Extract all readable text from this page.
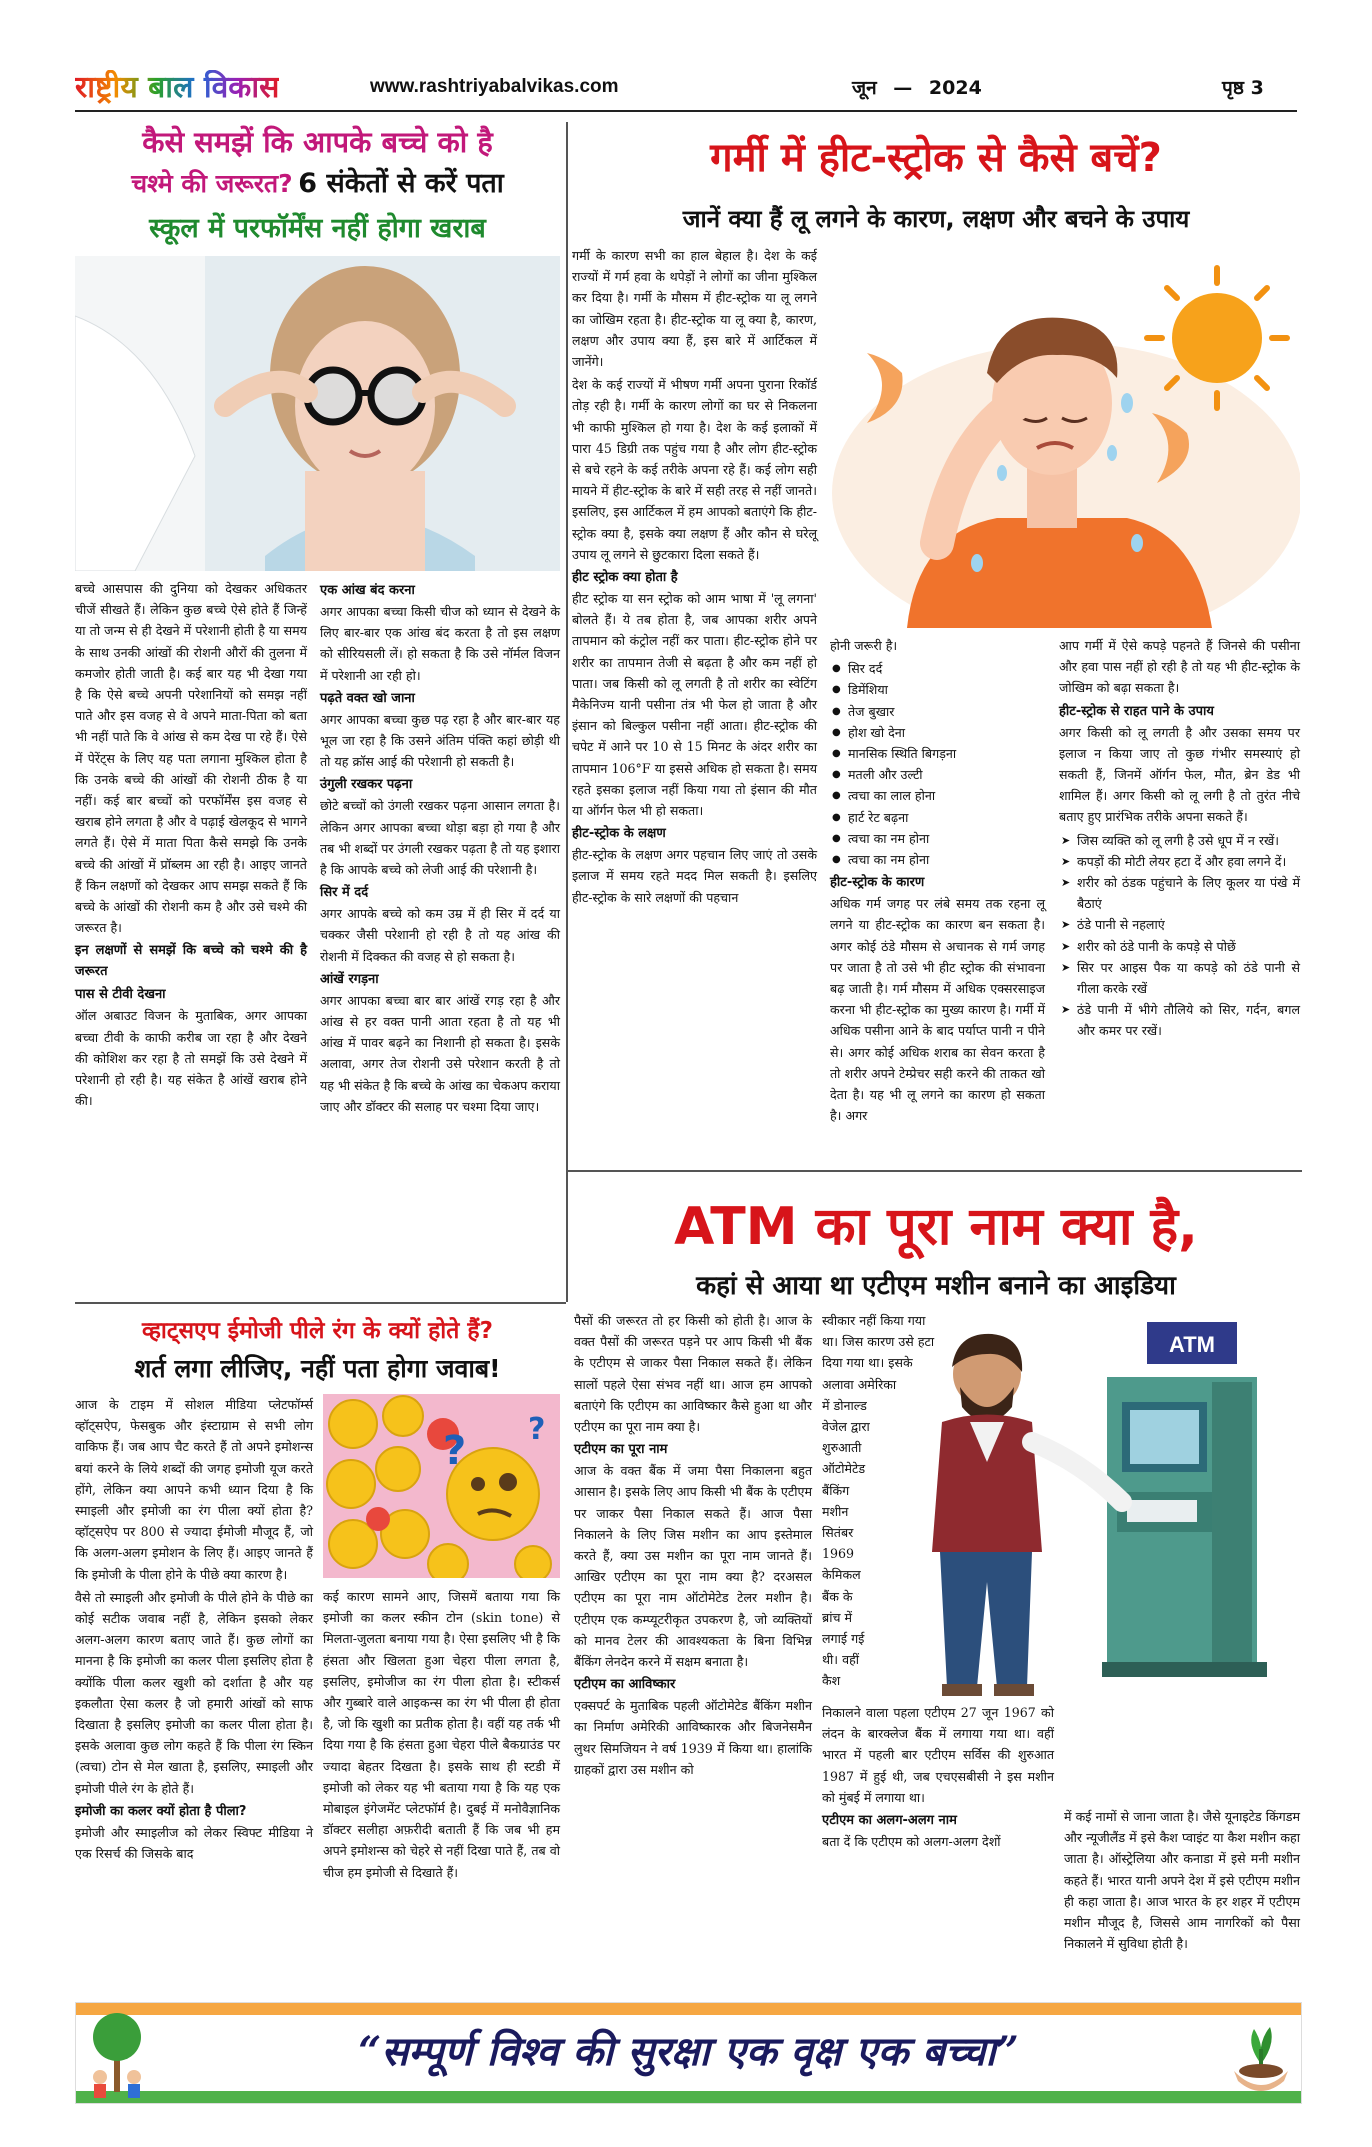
राष्ट्रीय बाल विकास	www.rashtriyabalvikas.com	जून — 2024	पृष्ठ 3
कैसे समझें कि आपके बच्चे को है
चश्मे की जरूरत? 6 संकेतों से करें पता
स्कूल में परफॉर्मेंस नहीं होगा खराब

बच्चे आसपास की दुनिया को देखकर अधिकतर चीजें सीखते हैं। लेकिन कुछ बच्चे ऐसे होते हैं जिन्हें या तो जन्म से ही देखने में परेशानी होती है या समय के साथ उनकी आंखों की रोशनी औरों की तुलना में कमजोर होती जाती है। कई बार यह भी देखा गया है कि ऐसे बच्चे अपनी परेशानियों को समझ नहीं पाते और इस वजह से वे अपने माता-पिता को बता भी नहीं पाते कि वे आंख से कम देख पा रहे हैं। ऐसे में पेरेंट्स के लिए यह पता लगाना मुश्किल होता है कि उनके बच्चे की आंखों की रोशनी ठीक है या नहीं। कई बार बच्चों को परफॉर्मेंस इस वजह से खराब होने लगता है और वे पढ़ाई खेलकूद से भागने लगते हैं। ऐसे में माता पिता कैसे समझे कि उनके बच्चे की आंखों में प्रॉब्लम आ रही है। आइए जानते हैं किन लक्षणों को देखकर आप समझ सकते हैं कि बच्चे के आंखों की रोशनी कम है और उसे चश्मे की जरूरत है।

इन लक्षणों से समझें कि बच्चे को चश्मे की है जरूरत
पास से टीवी देखना

ऑल अबाउट विजन के मुताबिक, अगर आपका बच्चा टीवी के काफी करीब जा रहा है और देखने की कोशिश कर रहा है तो समझें कि उसे देखने में परेशानी हो रही है। यह संकेत है आंखें खराब होने की।

एक आंख बंद करना

अगर आपका बच्चा किसी चीज को ध्यान से देखने के लिए बार-बार एक आंख बंद करता है तो इस लक्षण को सीरियसली लें। हो सकता है कि उसे नॉर्मल विजन में परेशानी आ रही हो।

पढ़ते वक्त खो जाना

अगर आपका बच्चा कुछ पढ़ रहा है और बार-बार यह भूल जा रहा है कि उसने अंतिम पंक्ति कहां छोड़ी थी तो यह क्रॉस आई की परेशानी हो सकती है।

उंगुली रखकर पढ़ना

छोटे बच्चों को उंगली रखकर पढ़ना आसान लगता है। लेकिन अगर आपका बच्चा थोड़ा बड़ा हो गया है और तब भी शब्दों पर उंगली रखकर पढ़ता है तो यह इशारा है कि आपके बच्चे को लेजी आई की परेशानी है।

सिर में दर्द

अगर आपके बच्चे को कम उम्र में ही सिर में दर्द या चक्कर जैसी परेशानी हो रही है तो यह आंख की रोशनी में दिक्कत की वजह से हो सकता है।

आंखें रगड़ना

अगर आपका बच्चा बार बार आंखें रगड़ रहा है और आंख से हर वक्त पानी आता रहता है तो यह भी आंख में पावर बढ़ने का निशानी हो सकता है। इसके अलावा, अगर तेज रोशनी उसे परेशान करती है तो यह भी संकेत है कि बच्चे के आंख का चेकअप कराया जाए और डॉक्टर की सलाह पर चश्मा दिया जाए।

गर्मी में हीट-स्ट्रोक से कैसे बचें?
जानें क्या हैं लू लगने के कारण, लक्षण और बचने के उपाय

गर्मी के कारण सभी का हाल बेहाल है। देश के कई राज्यों में गर्म हवा के थपेड़ों ने लोगों का जीना मुश्किल कर दिया है। गर्मी के मौसम में हीट-स्ट्रोक या लू लगने का जोखिम रहता है। हीट-स्ट्रोक या लू क्या है, कारण, लक्षण और उपाय क्या हैं, इस बारे में आर्टिकल में जानेंगे।

देश के कई राज्यों में भीषण गर्मी अपना पुराना रिकॉर्ड तोड़ रही है। गर्मी के कारण लोगों का घर से निकलना भी काफी मुश्किल हो गया है। देश के कई इलाकों में पारा 45 डिग्री तक पहुंच गया है और लोग हीट-स्ट्रोक से बचे रहने के कई तरीके अपना रहे हैं। कई लोग सही मायने में हीट-स्ट्रोक के बारे में सही तरह से नहीं जानते। इसलिए, इस आर्टिकल में हम आपको बताएंगे कि हीट-स्ट्रोक क्या है, इसके क्या लक्षण हैं और कौन से घरेलू उपाय लू लगने से छुटकारा दिला सकते हैं।

हीट स्ट्रोक क्या होता है

हीट स्ट्रोक या सन स्ट्रोक को आम भाषा में 'लू लगना' बोलते हैं। ये तब होता है, जब आपका शरीर अपने तापमान को कंट्रोल नहीं कर पाता। हीट-स्ट्रोक होने पर शरीर का तापमान तेजी से बढ़ता है और कम नहीं हो पाता। जब किसी को लू लगती है तो शरीर का स्वेटिंग मैकेनिज्म यानी पसीना तंत्र भी फेल हो जाता है और इंसान को बिल्कुल पसीना नहीं आता। हीट-स्ट्रोक की चपेट में आने पर 10 से 15 मिनट के अंदर शरीर का तापमान 106°F या इससे अधिक हो सकता है। समय रहते इसका इलाज नहीं किया गया तो इंसान की मौत या ऑर्गन फेल भी हो सकता।

हीट-स्ट्रोक के लक्षण

हीट-स्ट्रोक के लक्षण अगर पहचान लिए जाएं तो उसके इलाज में समय रहते मदद मिल सकती है। इसलिए हीट-स्ट्रोक के सारे लक्षणों की पहचान

होनी जरूरी है।

● सिर दर्द
● डिमेंशिया
● तेज बुखार
● होश खो देना
● मानसिक स्थिति बिगड़ना
● मतली और उल्टी
● त्वचा का लाल होना
● हार्ट रेट बढ़ना
● त्वचा का नम होना
● त्वचा का नम होना
हीट-स्ट्रोक के कारण

अधिक गर्म जगह पर लंबे समय तक रहना लू लगने या हीट-स्ट्रोक का कारण बन सकता है। अगर कोई ठंडे मौसम से अचानक से गर्म जगह पर जाता है तो उसे भी हीट स्ट्रोक की संभावना बढ़ जाती है। गर्म मौसम में अधिक एक्सरसाइज करना भी हीट-स्ट्रोक का मुख्य कारण है। गर्मी में अधिक पसीना आने के बाद पर्याप्त पानी न पीने से। अगर कोई अधिक शराब का सेवन करता है तो शरीर अपने टेम्प्रेचर सही करने की ताकत खो देता है। यह भी लू लगने का कारण हो सकता है। अगर

आप गर्मी में ऐसे कपड़े पहनते हैं जिनसे की पसीना और हवा पास नहीं हो रही है तो यह भी हीट-स्ट्रोक के जोखिम को बढ़ा सकता है।

हीट-स्ट्रोक से राहत पाने के उपाय

अगर किसी को लू लगती है और उसका समय पर इलाज न किया जाए तो कुछ गंभीर समस्याएं हो सकती हैं, जिनमें ऑर्गन फेल, मौत, ब्रेन डेड भी शामिल हैं। अगर किसी को लू लगी है तो तुरंत नीचे बताए हुए प्रारंभिक तरीके अपना सकते हैं।

➤ जिस व्यक्ति को लू लगी है उसे धूप में न रखें।
➤ कपड़ों की मोटी लेयर हटा दें और हवा लगने दें।
➤ शरीर को ठंडक पहुंचाने के लिए कूलर या पंखे में बैठाएं
➤ ठंडे पानी से नहलाएं
➤ शरीर को ठंडे पानी के कपड़े से पोछें
➤ सिर पर आइस पैक या कपड़े को ठंडे पानी से गीला करके रखें
➤ ठंडे पानी में भीगे तौलिये को सिर, गर्दन, बगल और कमर पर रखें।
ATM का पूरा नाम क्या है,
कहां से आया था एटीएम मशीन बनाने का आइडिया

पैसों की जरूरत तो हर किसी को होती है। आज के वक्त पैसों की जरूरत पड़ने पर आप किसी भी बैंक के एटीएम से जाकर पैसा निकाल सकते हैं। लेकिन सालों पहले ऐसा संभव नहीं था। आज हम आपको बताएंगे कि एटीएम का आविष्कार कैसे हुआ था और एटीएम का पूरा नाम क्या है।

एटीएम का पूरा नाम

आज के वक्त बैंक में जमा पैसा निकालना बहुत आसान है। इसके लिए आप किसी भी बैंक के एटीएम पर जाकर पैसा निकाल सकते हैं। आज पैसा निकालने के लिए जिस मशीन का आप इस्तेमाल करते हैं, क्या उस मशीन का पूरा नाम जानते हैं। आखिर एटीएम का पूरा नाम क्या है? दरअसल एटीएम का पूरा नाम ऑटोमेटेड टेलर मशीन है। एटीएम एक कम्प्यूटरीकृत उपकरण है, जो व्यक्तियों को मानव टेलर की आवश्यकता के बिना विभिन्न बैंकिंग लेनदेन करने में सक्षम बनाता है।

एटीएम का आविष्कार

एक्सपर्ट के मुताबिक पहली ऑटोमेटेड बैंकिंग मशीन का निर्माण अमेरिकी आविष्कारक और बिजनेसमैन लुथर सिमजियन ने वर्ष 1939 में किया था। हालांकि ग्राहकों द्वारा उस मशीन को

स्वीकार नहीं किया गया
था। जिस कारण उसे हटा
दिया गया था। इसके
अलावा अमेरिका
में डोनाल्ड
वेजेल द्वारा
शुरुआती
ऑटोमेटेड
बैंकिंग
मशीन
सितंबर
1969
केमिकल
बैंक के
ब्रांच में
लगाई गई
थी। वहीं
कैश

निकालने वाला पहला एटीएम 27 जून 1967 को लंदन के बारक्लेज बैंक में लगाया गया था। वहीं भारत में पहली बार एटीएम सर्विस की शुरुआत 1987 में हुई थी, जब एचएसबीसी ने इस मशीन को मुंबई में लगाया था।

एटीएम का अलग-अलग नाम

बता दें कि एटीएम को अलग-अलग देशों

ATM

में कई नामों से जाना जाता है। जैसे यूनाइटेड किंगडम और न्यूजीलैंड में इसे कैश प्वाइंट या कैश मशीन कहा जाता है। ऑस्ट्रेलिया और कनाडा में इसे मनी मशीन कहते हैं। भारत यानी अपने देश में इसे एटीएम मशीन ही कहा जाता है। आज भारत के हर शहर में एटीएम मशीन मौजूद है, जिससे आम नागरिकों को पैसा निकालने में सुविधा होती है।

व्हाट्सएप ईमोजी पीले रंग के क्यों होते हैं?
शर्त लगा लीजिए, नहीं पता होगा जवाब!
? ?

आज के टाइम में सोशल मीडिया प्लेटफॉर्म्स व्हॉट्सऐप, फेसबुक और इंस्टाग्राम से सभी लोग वाकिफ हैं। जब आप चैट करते हैं तो अपने इमोशन्स बयां करने के लिये शब्दों की जगह इमोजी यूज करते होंगे, लेकिन क्या आपने कभी ध्यान दिया है कि स्माइली और इमोजी का रंग पीला क्यों होता है? व्हॉट्सऐप पर 800 से ज्यादा ईमोजी मौजूद हैं, जो कि अलग-अलग इमोशन के लिए हैं। आइए जानते हैं कि इमोजी के पीला होने के पीछे क्या कारण है।

वैसे तो स्माइली और इमोजी के पीले होने के पीछे का कोई सटीक जवाब नहीं है, लेकिन इसको लेकर अलग-अलग कारण बताए जाते हैं। कुछ लोगों का मानना है कि इमोजी का कलर पीला इसलिए होता है क्योंकि पीला कलर खुशी को दर्शाता है और यह इकलौता ऐसा कलर है जो हमारी आंखों को साफ दिखाता है इसलिए इमोजी का कलर पीला होता है। इसके अलावा कुछ लोग कहते हैं कि पीला रंग स्किन (त्वचा) टोन से मेल खाता है, इसलिए, स्माइली और इमोजी पीले रंग के होते हैं।

इमोजी का कलर क्यों होता है पीला?

इमोजी और स्माइलीज को लेकर स्विफ्ट मीडिया ने एक रिसर्च की जिसके बाद

कई कारण सामने आए, जिसमें बताया गया कि इमोजी का कलर स्कीन टोन (skin tone) से मिलता-जुलता बनाया गया है। ऐसा इसलिए भी है कि हंसता और खिलता हुआ चेहरा पीला लगता है, इसलिए, इमोजीज का रंग पीला होता है। स्टीकर्स और गुब्बारे वाले आइकन्स का रंग भी पीला ही होता है, जो कि खुशी का प्रतीक होता है। वहीं यह तर्क भी दिया गया है कि हंसता हुआ चेहरा पीले बैकग्राउंड पर ज्यादा बेहतर दिखता है। इसके साथ ही स्टडी में इमोजी को लेकर यह भी बताया गया है कि यह एक मोबाइल इंगेजमेंट प्लेटफॉर्म है। दुबई में मनोवैज्ञानिक डॉक्टर सलीहा अफ़रीदी बताती हैं कि जब भी हम अपने इमोशन्स को चेहरे से नहीं दिखा पाते हैं, तब वो चीज हम इमोजी से दिखाते हैं।

“सम्पूर्ण विश्व की सुरक्षा एक वृक्ष एक बच्चा”
